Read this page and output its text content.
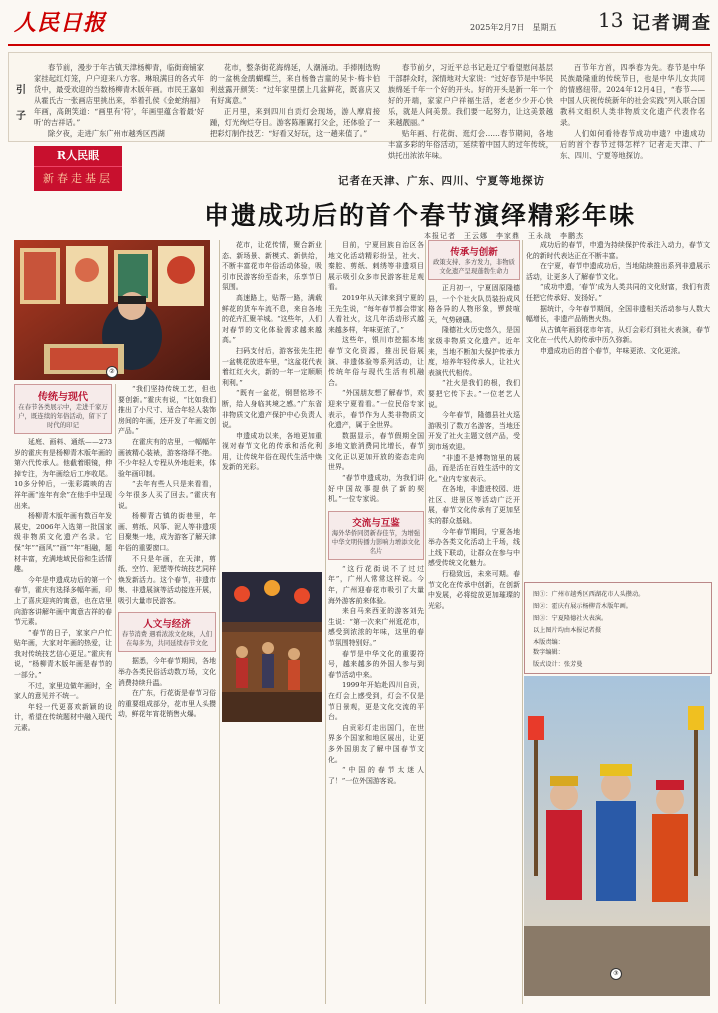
人民日报	2025年2月7日　星期五 13 记者调查
引
子
春节前，漫步于年古镇天津杨柳青，临街商铺家家挂起红灯笼，户户迎来八方客。琳琅满目的各式年货中，最受欢迎的当数杨柳青木版年画。市民王嘉如从霍氏古一张画店里挑出来，举着孔侯《金蛇纳福》年画，高朗笑道：“画里有‘符’，年画里蕴含着最‘好听’的吉祥话。”
除夕夜，走进广东广州市越秀区西湖
花市，整条街花海绵延，人潮涌动。手捧刚选购的一盆桃金鹃蝴蝶兰，来自杨鲁吉童的吴卡·梅卡伯利兹露开颜笑：“过年家里摆上几盆鲜花，既喜庆又有好寓意。”
正月里，来到四川自贡灯会现场，游人摩肩接踵，灯光绚烂夺目。游客陈雁翼打父企，还体验了一把彩灯制作技艺：“好看又好玩，这一趟来值了。”
春节前夕，习近平总书记赴辽宁看望慰问基层干部群众时，深情地对大家说：“过好春节是中华民族绵延千年一个好的开头。好的开头是新一年一个好的开端，家家户户祥福生活，老老少少开心快乐，就是人间美景。我们要一起努力，让这美景越来越靓丽。”
贴年画、行花街、逛灯会……春节期间，各地丰富多彩的年俗活动，延续着中国人的过年传统，烘托出浓浓年味。
百节年方首，四季春为先。春节是中华民族最隆重的传统节日，也是中华儿女共同的情感纽带。2024年12月4日，“春节——中国人庆祝传统新年的社会实践”列入联合国教科文组织人类非物质文化遗产代表作名录。
人们如何看待春节成功申遗？中遗成功后的首个春节过得怎样？记者走天津、广东、四川、宁夏等地探访。
R人民眼
新春走基层	记者在天津、广东、四川、宁夏等地探访
申遗成功后的首个春节演绎精彩年味
本报记者　王云娜　李家鼎　王永战　李鹏杰
②
传统与现代
在春节各类展示中，走进千家万户，既连续的年俗活动，留下了时代的印记

延庭、画料、通纸——273岁的霍庆有是杨柳青木版年画的第六代传承人。他截着眼镜，伸掉专注，为年画绘后工序收尾。10多分钟后，一张彩霞映的吉祥年画“连年有余”在他手中呈现出来。

杨柳青木版年画有数百年发展史，2006年入选第一批国家级非物质文化遗产名录。它保“年”“画风”“画”“年”相融，题材丰富，充满地域民俗和生活情趣。

今年是申遗成功后的第一个春节，霍庆有选择多幅年画，印上了喜庆迎宾的寓意，也在店里向游客讲解年画中寓意吉祥的春节元素。

“春节的日子，家家户户忙贴年画，大家对年画的热爱，让我对传统技艺信心更足。”霍庆有说，“杨柳青木版年画是春节的一部分。”

不过，家里边做年画时，全家人的意见并不统一。

年轻一代更喜欢新颖的设计，希望在传统题材中融入现代元素。

“我们坚持传统工艺，但也要创新。”霍庆有说，“比如我们推出了小尺寸、适合年轻人装饰房间的年画，还开发了年画文创产品。”

在霍庆有的店里，一幅幅年画被精心装裱，游客络绎不绝。不少年轻人专程从外地赶来，体验年画印制。

“去年有些人只是来看看，今年很多人买了回去。”霍庆有说。

杨柳青古镇的街巷里，年画、剪纸、风筝、泥人等非遗项目聚集一地，成为游客了解天津年俗的重要窗口。

不只是年画，在天津，剪纸、空竹、泥塑等传统技艺同样焕发新活力。这个春节，非遗市集、非遗展演等活动接连开展，吸引大量市民游客。

人文与经济
春节消费 遇看浓浓文化味，人们在每多为，共同延续春节文化

据悉，今年春节期间，各地举办各类民俗活动数万场，文化消费持续升温。

在广东，行花街是春节习俗的重要组成部分，花市里人头攒动，鲜花年宵花销售火爆。

花市，让花传情，聚合新业态、新场景、新模式、新供给，不断丰富花市年俗活动体验，吸引市民游客纷至沓来，乐享节日氛围。

高速路上，贴帮一路，满载鲜花的货车车流不息，来自各地的花卉汇聚羊城。“这些年，人们对春节的文化体验需求越来越高。”

扫码支付后，游客张先生把一盆桃花放进车里，“这盆花代表着红红火火，新的一年一定顺顺利利。”

“既有一盆花，钢琶铭珍不断，给人身临其境之感。”广东省非物质文化遗产保护中心负责人说。

申遗成功以来，各地更加重视对春节文化的传承和活化利用，让传统年俗在现代生活中焕发新的光彩。

目前，宁夏回族自治区各地文化活动精彩纷呈，社火、秦腔、剪纸、刺绣等非遗项目展示吸引众多市民游客驻足观看。

2019年从天津来到宁夏的王先生说，“每年春节都会带家人看社火，这几年活动形式越来越多样，年味更浓了。”

这些年，银川市挖掘本地春节文化资源，推出民俗展演、非遗体验等系列活动，让传统年俗与现代生活有机融合。

“外国朋友想了解春节，欢迎来宁夏看看。”一位民俗专家表示，春节作为人类非物质文化遗产，属于全世界。

数据显示，春节假期全国多地文旅消费同比增长，春节文化正以更加开放的姿态走向世界。

“春节申遗成功，为我们讲好中国故事提供了新的契机。”一位专家说。

交流与互鉴
海外华侨同贺新春佳节，为增强中华文明传播力影响力增添文化名片

“这行花街说不了过过年”，广州人常常这样说。今年，广州迎春花市吸引了大量海外游客前来体验。

来自马来西亚的游客刘先生说：“第一次来广州逛花市，感受到浓浓的年味，这里的春节氛围特别好。”

春节是中华文化的重要符号，越来越多的外国人参与到春节活动中来。

1999年开始赴四川自贡，在灯会上感受到，灯会不仅是节日景观，更是文化交流的平台。

自贡彩灯走出国门，在世界多个国家和地区展出，让更多外国朋友了解中国春节文化。

“中国的春节太迷人了！”一位外国游客说。

传承与创新
政策支持、多方发力，非物质文化遗产呈现蓬勃生命力

正月初一，宁夏固原隆德县，一个个社火队员装扮成风格各异的人物形象，锣鼓喧天，气势磅礴。

隆德社火历史悠久，是国家级非物质文化遗产。近年来，当地不断加大保护传承力度，培养年轻传承人，让社火表演代代相传。

“社火是我们的根，我们要把它传下去。”一位老艺人说。

今年春节，隆德县社火巡游吸引了数万名游客，当地还开发了社火主题文创产品，受到市场欢迎。

“非遗不是博物馆里的展品，而是活在百姓生活中的文化。”业内专家表示。

在各地，非遗进校园、进社区、进景区等活动广泛开展，春节文化传承有了更加坚实的群众基础。

今年春节期间，宁夏各地举办各类文化活动上千场，线上线下联动，让群众在参与中感受传统文化魅力。

行稳致远，未来可期。春节文化在传承中创新，在创新中发展，必将绽放更加璀璨的光彩。

成功后的春节，申遗为持续保护传承注入动力，春节文化的新时代表达正在不断丰富。

在宁夏，春节申遗成功后，当地陆续推出系列非遗展示活动，让更多人了解春节文化。

“成功申遗，‘春节’成为人类共同的文化财富，我们有责任把它传承好、发扬好。”

据统计，今年春节期间，全国非遗相关活动参与人数大幅增长，非遗产品销售火热。

从古镇年画到花市年宵，从灯会彩灯到社火表演，春节文化在一代代人的传承中历久弥新。

申遗成功后的首个春节，年味更浓、文化更浓。

图①：广州市越秀区西湖花市人头攒动。
图②：霍庆有展示杨柳青木版年画。
图③：宁夏隆德社火表演。
以上图片均由本报记者摄
本版责编：
数字编辑：
版式设计：张芳曼
③
